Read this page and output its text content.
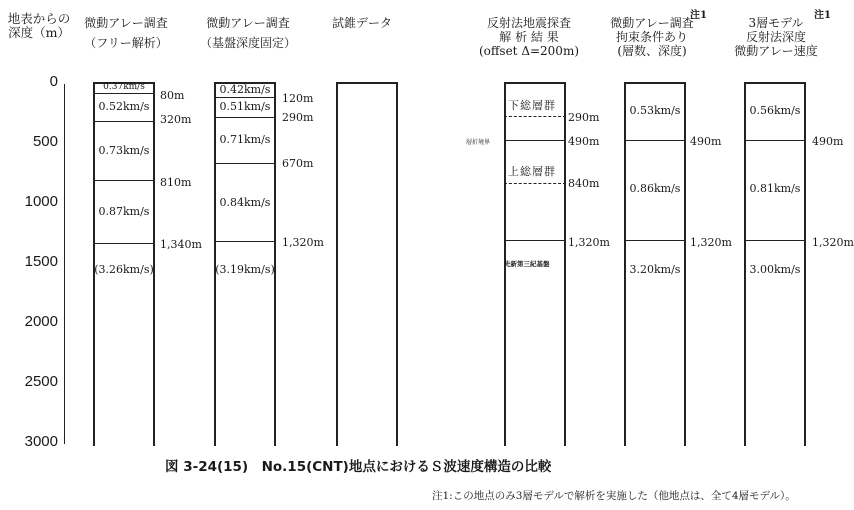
地表からの
深度（m）
0
500
1000
1500
2000
2500
3000
微動アレー調査
（フリー解析）
微動アレー調査
（基盤深度固定）
試錐データ	反射法地震探査
解 析 結 果
(offset Δ=200m)
微動アレー調査
拘束条件あり
(層数、深度)
注1
3層モデル
反射法深度
微動アレー速度
注1
0.37km/s
0.52km/s
0.73km/s
0.87km/s
(3.26km/s)
80m
320m
810m
1,340m
0.42km/s
0.51km/s
0.71km/s
0.84km/s
(3.19km/s)
120m
290m
670m
1,320m
下総層群
層折境界
上総層群
先新第三紀基盤
290m
490m
840m
1,320m
0.53km/s
0.86km/s
3.20km/s
490m
1,320m
0.56km/s
0.81km/s
3.00km/s
490m
1,320m
図 3-24(15)　No.15(CNT)地点におけるＳ波速度構造の比較
注1:この地点のみ3層モデルで解析を実施した（他地点は、全て4層モデル）。
